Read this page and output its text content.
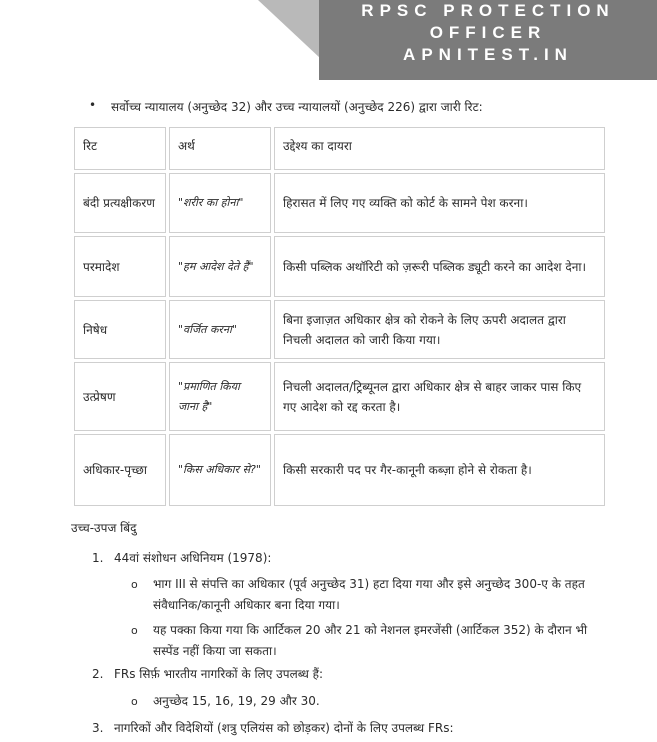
RPSC PROTECTION
OFFICER
APNITEST.IN
• सर्वोच्च न्यायालय (अनुच्छेद 32) और उच्च न्यायालयों (अनुच्छेद 226) द्वारा जारी रिट:
रिट	अर्थ	उद्देश्य का दायरा
बंदी प्रत्यक्षीकरण	"शरीर का होना"	हिरासत में लिए गए व्यक्ति को कोर्ट के सामने पेश करना।
परमादेश	"हम आदेश देते हैं"	किसी पब्लिक अथॉरिटी को ज़रूरी पब्लिक ड्यूटी करने का आदेश देना।
निषेध	"वर्जित करना"	बिना इजाज़त अधिकार क्षेत्र को रोकने के लिए ऊपरी अदालत द्वारा निचली अदालत को जारी किया गया।
उत्प्रेषण	"प्रमाणित किया जाना है"	निचली अदालत/ट्रिब्यूनल द्वारा अधिकार क्षेत्र से बाहर जाकर पास किए गए आदेश को रद्द करता है।
अधिकार-पृच्छा	"किस अधिकार से?"	किसी सरकारी पद पर गैर-कानूनी कब्ज़ा होने से रोकता है।
उच्च-उपज बिंदु
1. 44वां संशोधन अधिनियम (1978):
o भाग III से संपत्ति का अधिकार (पूर्व अनुच्छेद 31) हटा दिया गया और इसे अनुच्छेद 300-ए के तहत संवैधानिक/कानूनी अधिकार बना दिया गया।
o यह पक्का किया गया कि आर्टिकल 20 और 21 को नेशनल इमरजेंसी (आर्टिकल 352) के दौरान भी सस्पेंड नहीं किया जा सकता।
2. FRs सिर्फ़ भारतीय नागरिकों के लिए उपलब्ध हैं:
o अनुच्छेद 15, 16, 19, 29 और 30.
3. नागरिकों और विदेशियों (शत्रु एलियंस को छोड़कर) दोनों के लिए उपलब्ध FRs:
